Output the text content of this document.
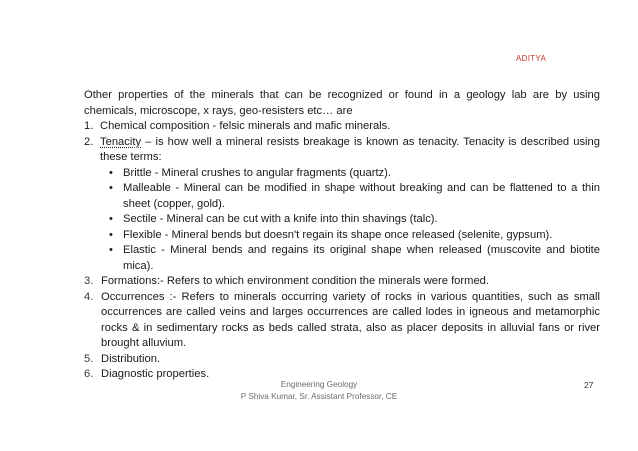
ADITYA

Other properties of the minerals that can be recognized or found in a geology lab are by using chemicals, microscope, x rays, geo-resisters etc… are

1. Chemical composition - felsic minerals and mafic minerals.
2. Tenacity – is how well a mineral resists breakage is known as tenacity. Tenacity is described using these terms:
• Brittle - Mineral crushes to angular fragments (quartz).
• Malleable - Mineral can be modified in shape without breaking and can be flattened to a thin sheet (copper, gold).
• Sectile - Mineral can be cut with a knife into thin shavings (talc).
• Flexible - Mineral bends but doesn't regain its shape once released (selenite, gypsum).
• Elastic - Mineral bends and regains its original shape when released (muscovite and biotite mica).
3. Formations:- Refers to which environment condition the minerals were formed.
4. Occurrences :- Refers to minerals occurring variety of rocks in various quantities, such as small occurrences are called veins and larges occurrences are called lodes in igneous and metamorphic rocks & in sedimentary rocks as beds called strata, also as placer deposits in alluvial fans or river brought alluvium.
5. Distribution.
6. Diagnostic properties.
Engineering Geology
P Shiva Kumar, Sr. Assistant Professor, CE
27
